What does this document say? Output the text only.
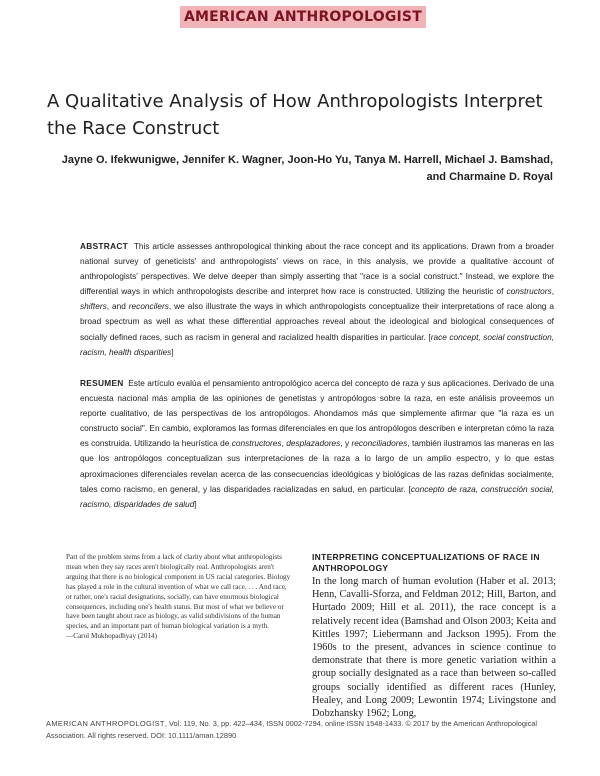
AMERICAN ANTHROPOLOGIST
A Qualitative Analysis of How Anthropologists Interpret the Race Construct
Jayne O. Ifekwunigwe, Jennifer K. Wagner, Joon-Ho Yu, Tanya M. Harrell, Michael J. Bamshad,
and Charmaine D. Royal

ABSTRACT This article assesses anthropological thinking about the race concept and its applications. Drawn from a broader national survey of geneticists' and anthropologists' views on race, in this analysis, we provide a qualitative account of anthropologists' perspectives. We delve deeper than simply asserting that "race is a social construct." Instead, we explore the differential ways in which anthropologists describe and interpret how race is constructed. Utilizing the heuristic of constructors, shifters, and reconcilers, we also illustrate the ways in which anthropologists conceptualize their interpretations of race along a broad spectrum as well as what these differential approaches reveal about the ideological and biological consequences of socially defined races, such as racism in general and racialized health disparities in particular. [race concept, social construction, racism, health disparities]

RESUMEN Este artículo evalúa el pensamiento antropológico acerca del concepto de raza y sus aplicaciones. Derivado de una encuesta nacional más amplia de las opiniones de genetistas y antropólogos sobre la raza, en este análisis proveemos un reporte cualitativo, de las perspectivas de los antropólogos. Ahondamos más que simplemente afirmar que "la raza es un constructo social". En cambio, exploramos las formas diferenciales en que los antropólogos describen e interpretan cómo la raza es construida. Utilizando la heurística de constructores, desplazadores, y reconciliadores, también ilustramos las maneras en las que los antropólogos conceptualizan sus interpretaciones de la raza a lo largo de un amplio espectro, y lo que estas aproximaciones diferenciales revelan acerca de las consecuencias ideológicas y biológicas de las razas definidas socialmente, tales como racismo, en general, y las disparidades racializadas en salud, en particular. [concepto de raza, construcción social, racismo, disparidades de salud]

Part of the problem stems from a lack of clarity about what anthropologists mean when they say races aren't biologically real. Anthropologists aren't arguing that there is no biological component in US racial categories. Biology has played a role in the cultural invention of what we call race. . . . And race, or rather, one's racial designations, socially, can have enormous biological consequences, including one's health status. But most of what we believe or have been taught about race as biology, as valid subdivisions of the human species, and an important part of human biological variation is a myth.
—Carol Mukhopadhyay (2014)
INTERPRETING CONCEPTUALIZATIONS OF RACE IN ANTHROPOLOGY

In the long march of human evolution (Haber et al. 2013; Henn, Cavalli-Sforza, and Feldman 2012; Hill, Barton, and Hurtado 2009; Hill et al. 2011), the race concept is a relatively recent idea (Bamshad and Olson 2003; Keita and Kittles 1997; Liebermann and Jackson 1995). From the 1960s to the present, advances in science continue to demonstrate that there is more genetic variation within a group socially designated as a race than between so-called groups socially identified as different races (Hunley, Healey, and Long 2009; Lewontin 1974; Livingstone and Dobzhansky 1962; Long,

AMERICAN ANTHROPOLOGIST, Vol. 119, No. 3, pp. 422–434, ISSN 0002-7294, online ISSN 1548-1433. © 2017 by the American Anthropological Association. All rights reserved. DOI: 10.1111/aman.12890
